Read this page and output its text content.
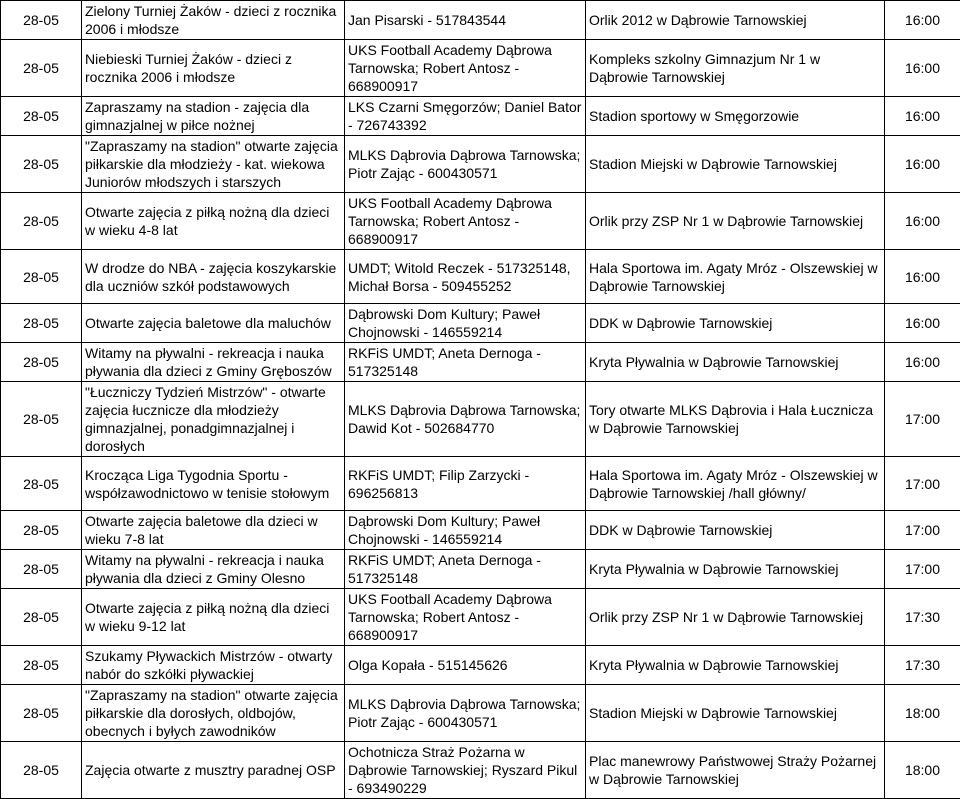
28-05	Zielony Turniej Żaków - dzieci z rocznika 2006 i młodsze	Jan Pisarski - 517843544	Orlik 2012 w Dąbrowie Tarnowskiej	16:00
28-05	Niebieski Turniej Żaków - dzieci z rocznika 2006 i młodsze	UKS Football Academy Dąbrowa Tarnowska; Robert Antosz - 668900917	Kompleks szkolny Gimnazjum Nr 1 w Dąbrowie Tarnowskiej	16:00
28-05	Zapraszamy na stadion - zajęcia dla gimnazjalnej w piłce nożnej	LKS Czarni Smęgorzów; Daniel Bator - 726743392	Stadion sportowy w Smęgorzowie	16:00
28-05	"Zapraszamy na stadion" otwarte zajęcia piłkarskie dla młodzieży - kat. wiekowa Juniorów młodszych i starszych	MLKS Dąbrovia Dąbrowa Tarnowska; Piotr Zając - 600430571	Stadion Miejski w Dąbrowie Tarnowskiej	16:00
28-05	Otwarte zajęcia z piłką nożną dla dzieci w wieku 4-8 lat	UKS Football Academy Dąbrowa Tarnowska; Robert Antosz - 668900917	Orlik przy ZSP Nr 1 w Dąbrowie Tarnowskiej	16:00
28-05	W drodze do NBA - zajęcia koszykarskie dla uczniów szkół podstawowych	UMDT; Witold Reczek - 517325148, Michał Borsa - 509455252	Hala Sportowa im. Agaty Mróz - Olszewskiej w Dąbrowie Tarnowskiej	16:00
28-05	Otwarte zajęcia baletowe dla maluchów	Dąbrowski Dom Kultury; Paweł Chojnowski - 146559214	DDK w Dąbrowie Tarnowskiej	16:00
28-05	Witamy na pływalni - rekreacja i nauka pływania dla dzieci z Gminy Gręboszów	RKFiS UMDT; Aneta Dernoga - 517325148	Kryta Pływalnia w Dąbrowie Tarnowskiej	16:00
28-05	"Łuczniczy Tydzień Mistrzów" - otwarte zajęcia łucznicze dla młodzieży gimnazjalnej, ponadgimnazjalnej i dorosłych	MLKS Dąbrovia Dąbrowa Tarnowska; Dawid Kot - 502684770	Tory otwarte MLKS Dąbrovia i Hala Łucznicza w Dąbrowie Tarnowskiej	17:00
28-05	Krocząca Liga Tygodnia Sportu - współzawodnictowo w tenisie stołowym	RKFiS UMDT; Filip Zarzycki - 696256813	Hala Sportowa im. Agaty Mróz - Olszewskiej w Dąbrowie Tarnowskiej /hall główny/	17:00
28-05	Otwarte zajęcia baletowe dla dzieci w wieku 7-8 lat	Dąbrowski Dom Kultury; Paweł Chojnowski - 146559214	DDK w Dąbrowie Tarnowskiej	17:00
28-05	Witamy na pływalni - rekreacja i nauka pływania dla dzieci z Gminy Olesno	RKFiS UMDT; Aneta Dernoga - 517325148	Kryta Pływalnia w Dąbrowie Tarnowskiej	17:00
28-05	Otwarte zajęcia z piłką nożną dla dzieci w wieku 9-12 lat	UKS Football Academy Dąbrowa Tarnowska; Robert Antosz - 668900917	Orlik przy ZSP Nr 1 w Dąbrowie Tarnowskiej	17:30
28-05	Szukamy Pływackich Mistrzów - otwarty nabór do szkółki pływackiej	Olga Kopała - 515145626	Kryta Pływalnia w Dąbrowie Tarnowskiej	17:30
28-05	"Zapraszamy na stadion" otwarte zajęcia piłkarskie dla dorosłych, oldbojów, obecnych i byłych zawodników	MLKS Dąbrovia Dąbrowa Tarnowska; Piotr Zając - 600430571	Stadion Miejski w Dąbrowie Tarnowskiej	18:00
28-05	Zajęcia otwarte z musztry paradnej OSP	Ochotnicza Straż Pożarna w Dąbrowie Tarnowskiej; Ryszard Pikul - 693490229	Plac manewrowy Państwowej Straży Pożarnej w Dąbrowie Tarnowskiej	18:00
